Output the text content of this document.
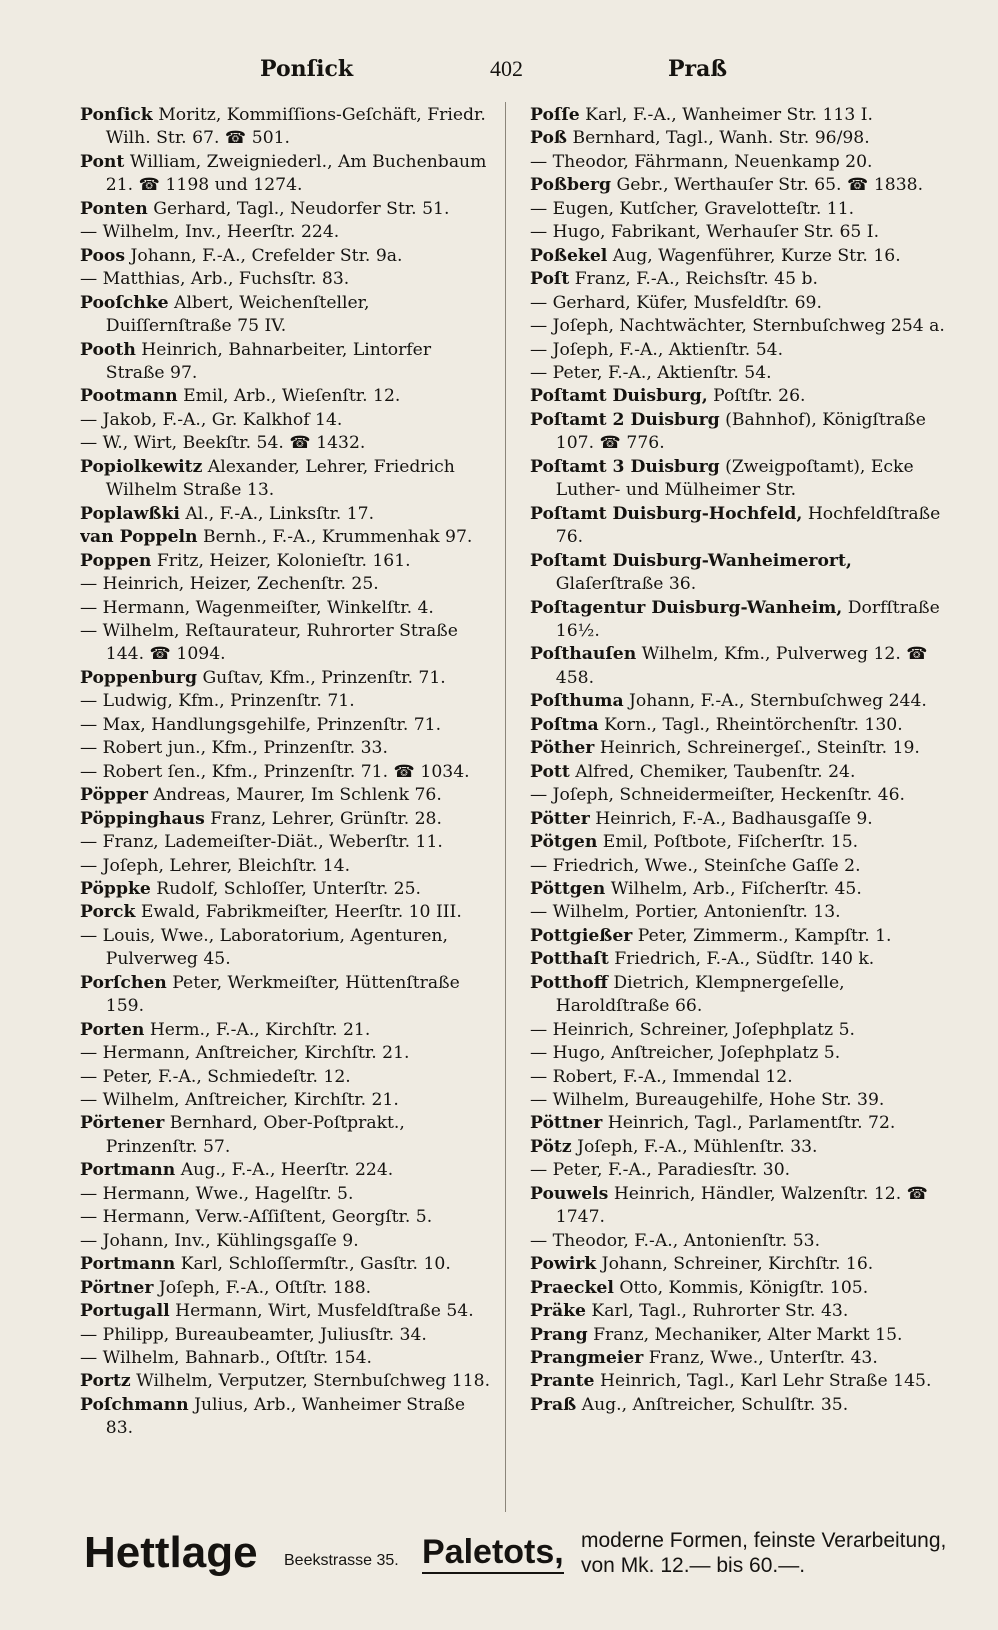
Ponſick	402	Praß

Ponſick Moritz, Kommiſſions-Geſchäft, Friedr. Wilh. Str. 67. ☎ 501.

Pont William, Zweigniederl., Am Buchenbaum 21. ☎ 1198 und 1274.

Ponten Gerhard, Tagl., Neudorfer Str. 51.

— Wilhelm, Inv., Heerſtr. 224.

Poos Johann, F.-A., Crefelder Str. 9a.

— Matthias, Arb., Fuchsſtr. 83.

Pooſchke Albert, Weichenſteller, Duiſſernſtraße 75 IV.

Pooth Heinrich, Bahnarbeiter, Lintorfer Straße 97.

Pootmann Emil, Arb., Wieſenſtr. 12.

— Jakob, F.-A., Gr. Kalkhof 14.

— W., Wirt, Beekſtr. 54. ☎ 1432.

Popiolkewitz Alexander, Lehrer, Friedrich Wilhelm Straße 13.

Poplawßki Al., F.-A., Linksſtr. 17.

van Poppeln Bernh., F.-A., Krummenhak 97.

Poppen Fritz, Heizer, Kolonieſtr. 161.

— Heinrich, Heizer, Zechenſtr. 25.

— Hermann, Wagenmeiſter, Winkelſtr. 4.

— Wilhelm, Reſtaurateur, Ruhrorter Straße 144. ☎ 1094.

Poppenburg Guſtav, Kfm., Prinzenſtr. 71.

— Ludwig, Kfm., Prinzenſtr. 71.

— Max, Handlungsgehilfe, Prinzenſtr. 71.

— Robert jun., Kfm., Prinzenſtr. 33.

— Robert ſen., Kfm., Prinzenſtr. 71. ☎ 1034.

Pöpper Andreas, Maurer, Im Schlenk 76.

Pöppinghaus Franz, Lehrer, Grünſtr. 28.

— Franz, Lademeiſter-Diät., Weberſtr. 11.

— Joſeph, Lehrer, Bleichſtr. 14.

Pöppke Rudolf, Schloſſer, Unterſtr. 25.

Porck Ewald, Fabrikmeiſter, Heerſtr. 10 III.

— Louis, Wwe., Laboratorium, Agenturen, Pulverweg 45.

Porſchen Peter, Werkmeiſter, Hüttenſtraße 159.

Porten Herm., F.-A., Kirchſtr. 21.

— Hermann, Anſtreicher, Kirchſtr. 21.

— Peter, F.-A., Schmiedeſtr. 12.

— Wilhelm, Anſtreicher, Kirchſtr. 21.

Pörtener Bernhard, Ober-Poſtprakt., Prinzenſtr. 57.

Portmann Aug., F.-A., Heerſtr. 224.

— Hermann, Wwe., Hagelſtr. 5.

— Hermann, Verw.-Aſſiſtent, Georgſtr. 5.

— Johann, Inv., Kühlingsgaſſe 9.

Portmann Karl, Schloſſermſtr., Gasſtr. 10.

Pörtner Joſeph, F.-A., Oſtſtr. 188.

Portugall Hermann, Wirt, Musfeldſtraße 54.

— Philipp, Bureaubeamter, Juliusſtr. 34.

— Wilhelm, Bahnarb., Oſtſtr. 154.

Portz Wilhelm, Verputzer, Sternbuſchweg 118.

Poſchmann Julius, Arb., Wanheimer Straße 83.

Poſſe Karl, F.-A., Wanheimer Str. 113 I.

Poß Bernhard, Tagl., Wanh. Str. 96/98.

— Theodor, Fährmann, Neuenkamp 20.

Poßberg Gebr., Werthauſer Str. 65. ☎ 1838.

— Eugen, Kutſcher, Gravelotteſtr. 11.

— Hugo, Fabrikant, Werhauſer Str. 65 I.

Poßekel Aug, Wagenführer, Kurze Str. 16.

Poſt Franz, F.-A., Reichsſtr. 45 b.

— Gerhard, Küfer, Musfeldſtr. 69.

— Joſeph, Nachtwächter, Sternbuſchweg 254 a.

— Joſeph, F.-A., Aktienſtr. 54.

— Peter, F.-A., Aktienſtr. 54.

Poſtamt Duisburg, Poſtſtr. 26.

Poſtamt 2 Duisburg (Bahnhof), Königſtraße 107. ☎ 776.

Poſtamt 3 Duisburg (Zweigpoſtamt), Ecke Luther- und Mülheimer Str.

Poſtamt Duisburg-Hochfeld, Hochfeldſtraße 76.

Poſtamt Duisburg-Wanheimerort, Glaſerſtraße 36.

Poſtagentur Duisburg-Wanheim, Dorfſtraße 16½.

Poſthauſen Wilhelm, Kfm., Pulverweg 12. ☎ 458.

Poſthuma Johann, F.-A., Sternbuſchweg 244.

Poſtma Korn., Tagl., Rheintörchenſtr. 130.

Pöther Heinrich, Schreinergeſ., Steinſtr. 19.

Pott Alfred, Chemiker, Taubenſtr. 24.

— Joſeph, Schneidermeiſter, Heckenſtr. 46.

Pötter Heinrich, F.-A., Badhausgaſſe 9.

Pötgen Emil, Poſtbote, Fiſcherſtr. 15.

— Friedrich, Wwe., Steinſche Gaſſe 2.

Pöttgen Wilhelm, Arb., Fiſcherſtr. 45.

— Wilhelm, Portier, Antonienſtr. 13.

Pottgießer Peter, Zimmerm., Kampſtr. 1.

Potthaſt Friedrich, F.-A., Südſtr. 140 k.

Potthoff Dietrich, Klempnergeſelle, Haroldſtraße 66.

— Heinrich, Schreiner, Joſephplatz 5.

— Hugo, Anſtreicher, Joſephplatz 5.

— Robert, F.-A., Immendal 12.

— Wilhelm, Bureaugehilfe, Hohe Str. 39.

Pöttner Heinrich, Tagl., Parlamentſtr. 72.

Pötz Joſeph, F.-A., Mühlenſtr. 33.

— Peter, F.-A., Paradiesſtr. 30.

Pouwels Heinrich, Händler, Walzenſtr. 12. ☎ 1747.

— Theodor, F.-A., Antonienſtr. 53.

Powirk Johann, Schreiner, Kirchſtr. 16.

Praeckel Otto, Kommis, Königſtr. 105.

Präke Karl, Tagl., Ruhrorter Str. 43.

Prang Franz, Mechaniker, Alter Markt 15.

Prangmeier Franz, Wwe., Unterſtr. 43.

Prante Heinrich, Tagl., Karl Lehr Straße 145.

Praß Aug., Anſtreicher, Schulſtr. 35.

Hettlage Beekstrasse 35. Paletots, moderne Formen, feinste Verarbeitung, von Mk. 12.— bis 60.—.
